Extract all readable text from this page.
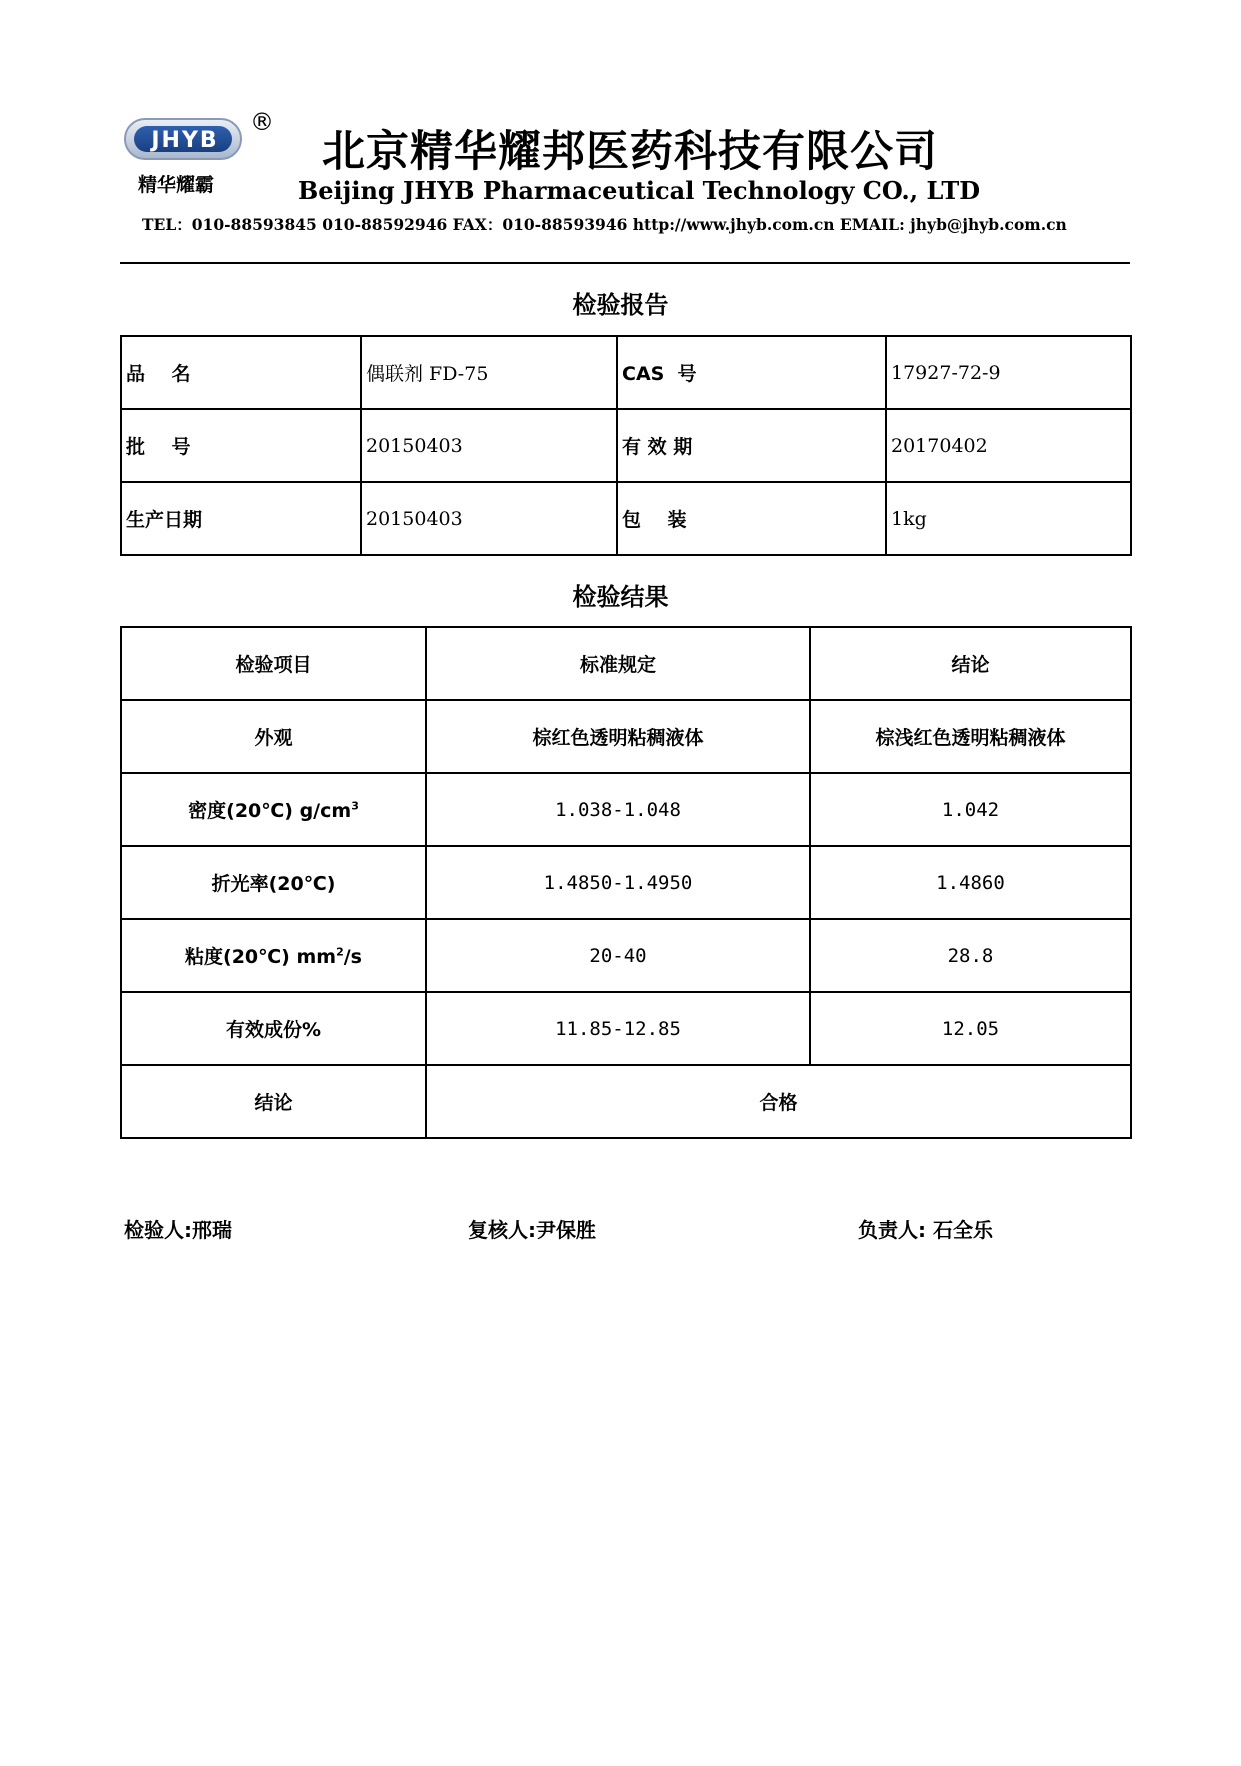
JHYB
®
精华耀霸
北京精华耀邦医药科技有限公司
Beijing JHYB Pharmaceutical Technology CO., LTD
TEL：010-88593845 010-88592946 FAX：010-88593946 http://www.jhyb.com.cn EMAIL: jhyb@jhyb.com.cn
检验报告
品    名	偶联剂 FD-75	CAS  号	17927-72-9
批    号	20150403	有 效 期	20170402
生产日期	20150403	包    装	1kg
检验结果
检验项目	标准规定	结论
外观	棕红色透明粘稠液体	棕浅红色透明粘稠液体
密度(20℃) $g/cm^3$	1.038-1.048	1.042
折光率(20℃)	1.4850-1.4950	1.4860
粘度(20℃) $mm^2/s$	20-40	28.8
有效成份%	11.85-12.85	12.05
结论	合格	
检验人:邢瑞	复核人:尹保胜	负责人: 石全乐
